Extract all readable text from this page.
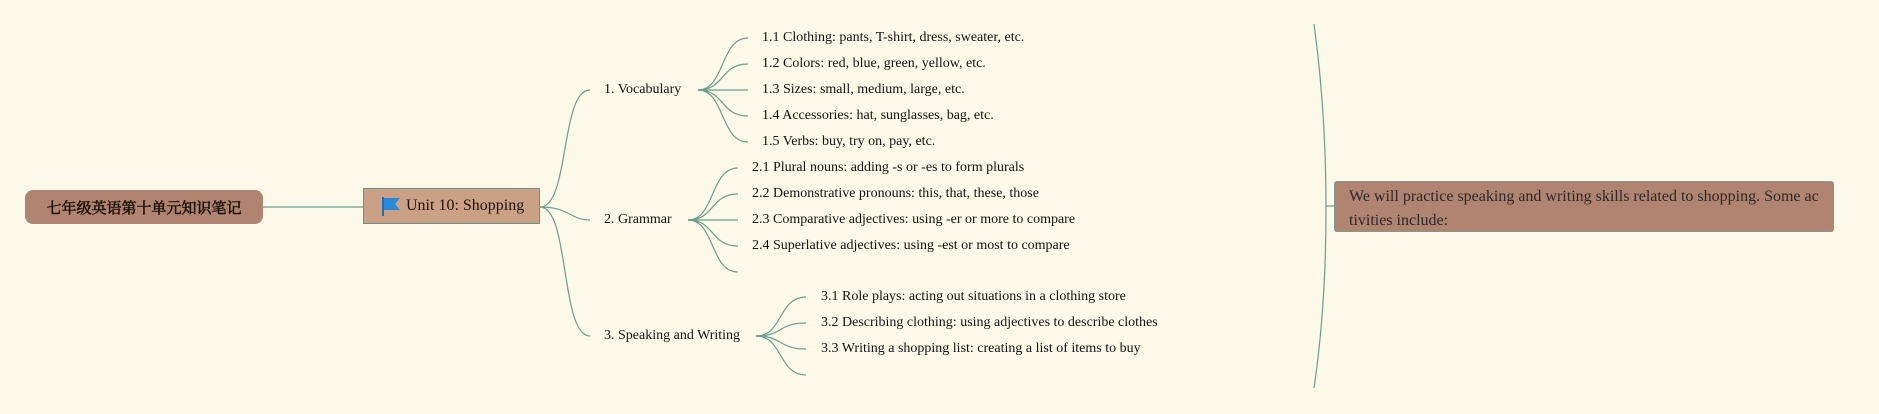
七年级英语第十单元知识笔记	Unit 10: Shopping
1. Vocabulary
1.1 Clothing: pants, T-shirt, dress, sweater, etc.
1.2 Colors: red, blue, green, yellow, etc.
1.3 Sizes: small, medium, large, etc.
1.4 Accessories: hat, sunglasses, bag, etc.
1.5 Verbs: buy, try on, pay, etc.
2. Grammar
2.1 Plural nouns: adding -s or -es to form plurals
2.2 Demonstrative pronouns: this, that, these, those
2.3 Comparative adjectives: using -er or more to compare
2.4 Superlative adjectives: using -est or most to compare
3. Speaking and Writing
3.1 Role plays: acting out situations in a clothing store
3.2 Describing clothing: using adjectives to describe clothes
3.3 Writing a shopping list: creating a list of items to buy
We will practice speaking and writing skills related to shopping. Some activities include:
